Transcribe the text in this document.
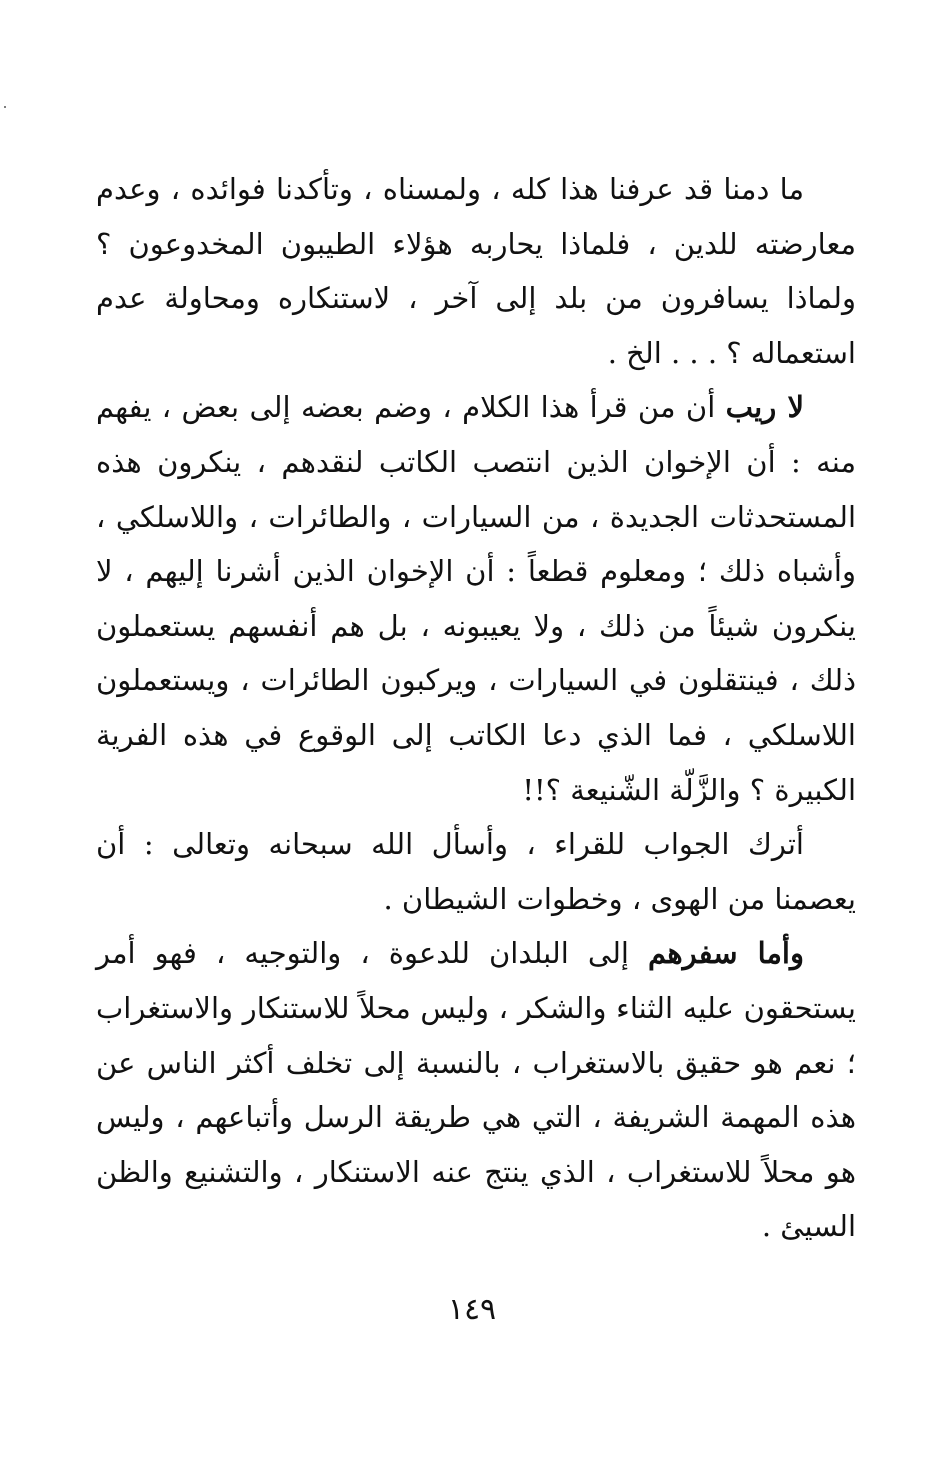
ما دمنا قد عرفنا هذا كله ، ولمسناه ، وتأكدنا فوائده ، وعدم معارضته للدين ، فلماذا يحاربه هؤلاء الطيبون المخدوعون ؟ ولماذا يسافرون من بلد إلى آخر ، لاستنكاره ومحاولة عدم استعماله ؟ . . . الخ .

لا ريب أن من قرأ هذا الكلام ، وضم بعضه إلى بعض ، يفهم منه : أن الإخوان الذين انتصب الكاتب لنقدهم ، ينكرون هذه المستحدثات الجديدة ، من السيارات ، والطائرات ، واللاسلكي ، وأشباه ذلك ؛ ومعلوم قطعاً : أن الإخوان الذين أشرنا إليهم ، لا ينكرون شيئاً من ذلك ، ولا يعيبونه ، بل هم أنفسهم يستعملون ذلك ، فينتقلون في السيارات ، ويركبون الطائرات ، ويستعملون اللاسلكي ، فما الذي دعا الكاتب إلى الوقوع في هذه الفرية الكبيرة ؟ والزَّلّة الشّنيعة ؟!!

أترك الجواب للقراء ، وأسأل الله سبحانه وتعالى : أن يعصمنا من الهوى ، وخطوات الشيطان .

وأما سفرهم إلى البلدان للدعوة ، والتوجيه ، فهو أمر يستحقون عليه الثناء والشكر ، وليس محلاً للاستنكار والاستغراب ؛ نعم هو حقيق بالاستغراب ، بالنسبة إلى تخلف أكثر الناس عن هذه المهمة الشريفة ، التي هي طريقة الرسل وأتباعهم ، وليس هو محلاً للاستغراب ، الذي ينتج عنه الاستنكار ، والتشنيع والظن السيئ .

١٤٩
